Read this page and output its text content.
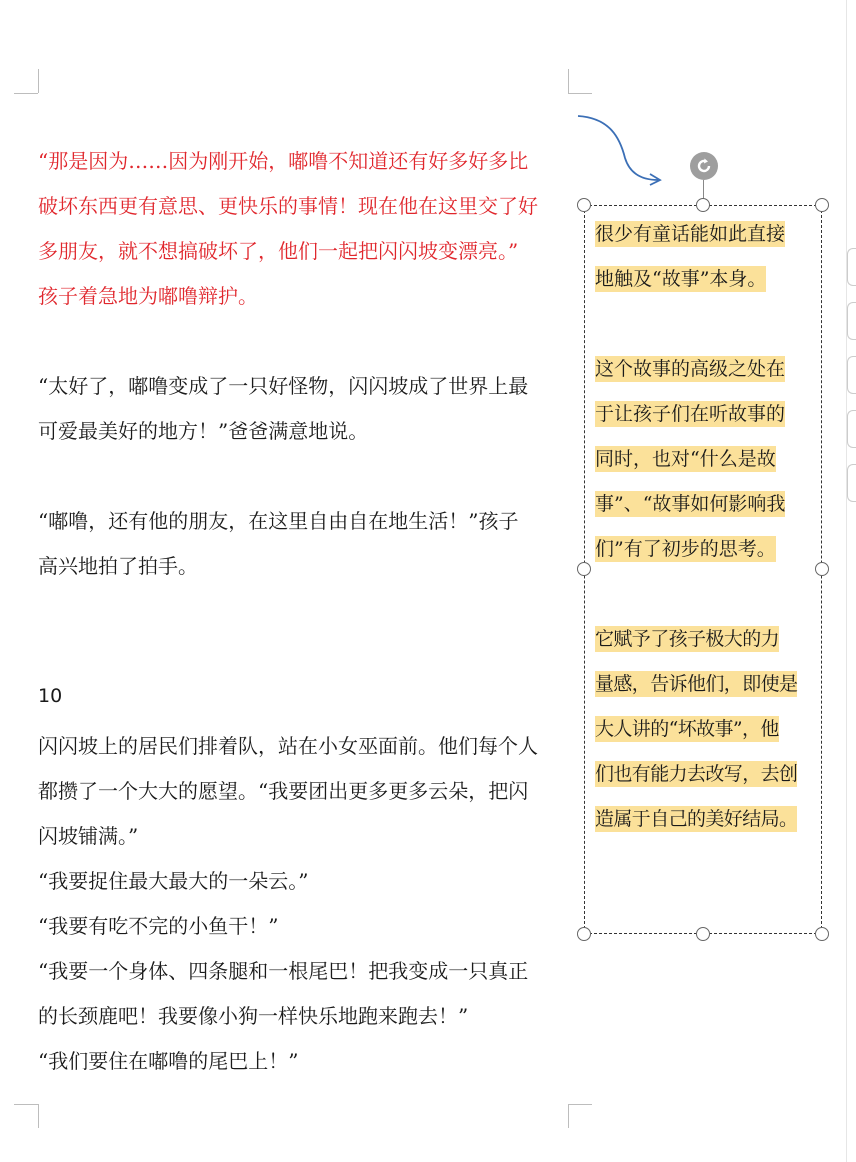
“那是因为……因为刚开始，嘟噜不知道还有好多好多比
破坏东西更有意思、更快乐的事情！现在他在这里交了好
多朋友，就不想搞破坏了，他们一起把闪闪坡变漂亮。”
孩子着急地为嘟噜辩护。
“太好了，嘟噜变成了一只好怪物，闪闪坡成了世界上最
可爱最美好的地方！”爸爸满意地说。
“嘟噜，还有他的朋友，在这里自由自在地生活！”孩子
高兴地拍了拍手。
10
闪闪坡上的居民们排着队，站在小女巫面前。他们每个人
都攒了一个大大的愿望。“我要团出更多更多云朵，把闪
闪坡铺满。”
“我要捉住最大最大的一朵云。”
“我要有吃不完的小鱼干！”
“我要一个身体、四条腿和一根尾巴！把我变成一只真正
的长颈鹿吧！我要像小狗一样快乐地跑来跑去！”
“我们要住在嘟噜的尾巴上！”
很少有童话能如此直接
地触及“故事”本身。
这个故事的高级之处在
于让孩子们在听故事的
同时，也对“什么是故
事”、“故事如何影响我
们”有了初步的思考。
它赋予了孩子极大的力
量感，告诉他们，即使是
大人讲的“坏故事”，他
们也有能力去改写，去创
造属于自己的美好结局。
